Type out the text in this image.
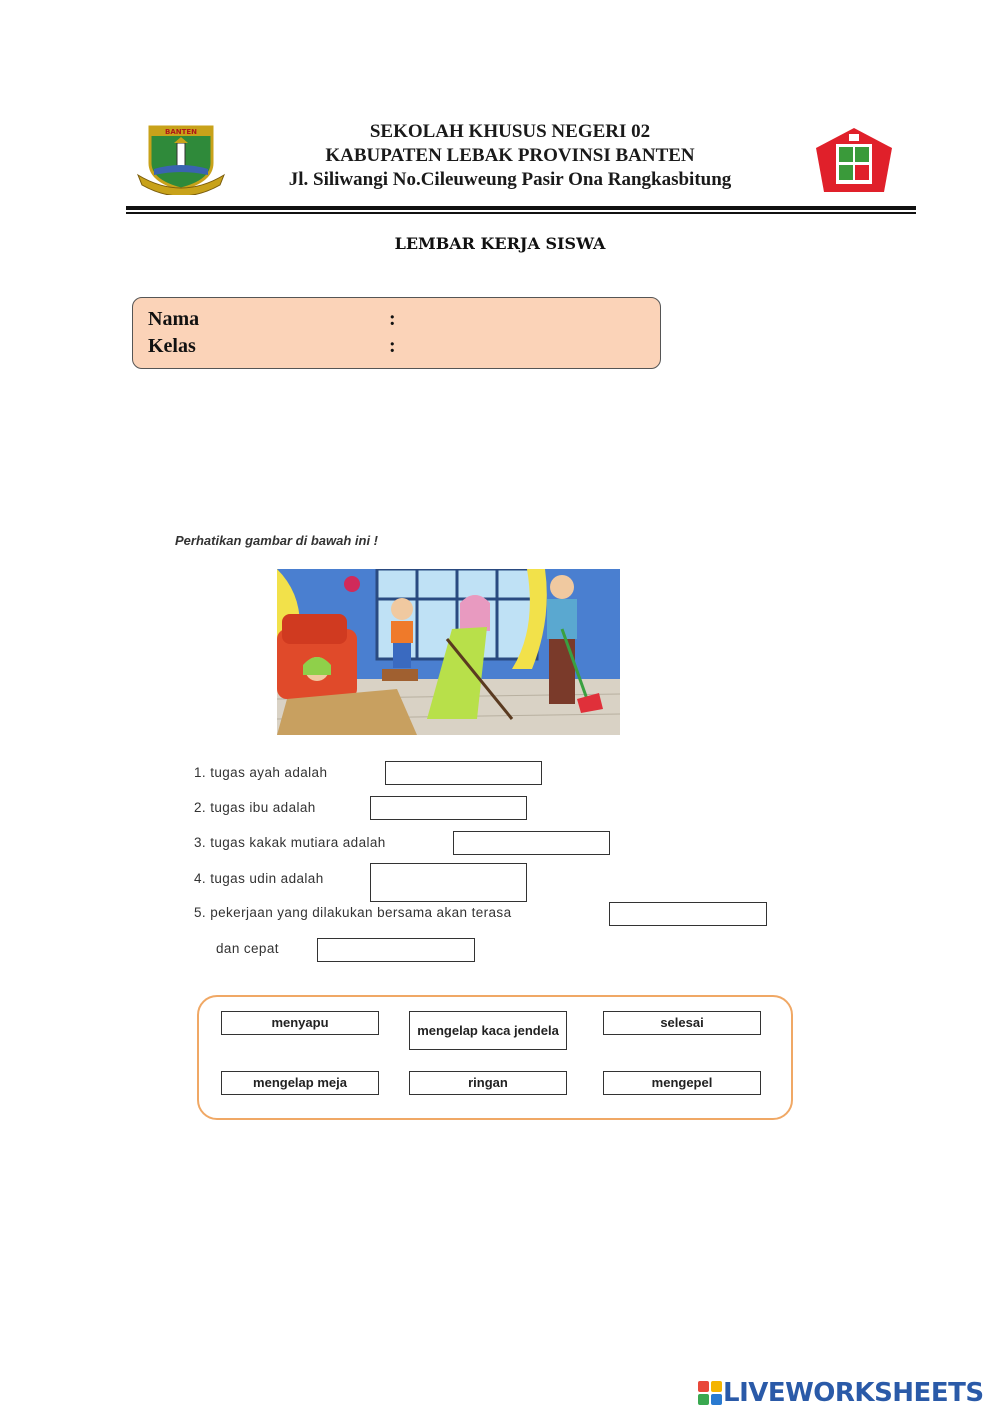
BANTEN	SEKOLAH KHUSUS NEGERI 02
KABUPATEN LEBAK PROVINSI BANTEN
Jl. Siliwangi No.Cileuweung Pasir Ona Rangkasbitung
LEMBAR KERJA SISWA
Nama	:
Kelas	:
Perhatikan gambar di bawah ini !
1. tugas ayah adalah
2. tugas ibu adalah
3. tugas kakak mutiara adalah
4. tugas udin adalah
5. pekerjaan yang dilakukan bersama akan terasa
dan cepat
menyapu	mengelap kaca jendela	selesai
mengelap meja	ringan	mengepel
LIVEWORKSHEETS
